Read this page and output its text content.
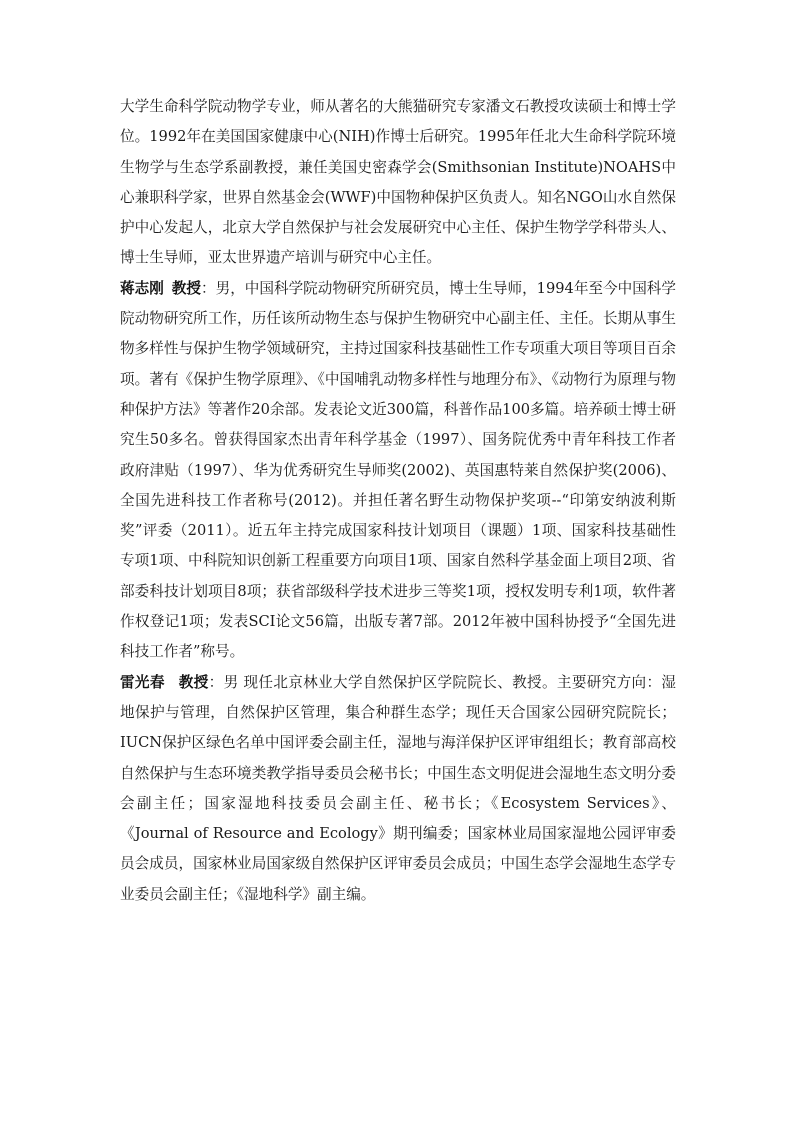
大学生命科学院动物学专业，师从著名的大熊猫研究专家潘文石教授攻读硕士和博士学位。1992年在美国国家健康中心(NIH)作博士后研究。1995年任北大生命科学院环境生物学与生态学系副教授，兼任美国史密森学会(Smithsonian Institute)NOAHS中心兼职科学家，世界自然基金会(WWF)中国物种保护区负责人。知名NGO山水自然保护中心发起人，北京大学自然保护与社会发展研究中心主任、保护生物学学科带头人、博士生导师，亚太世界遗产培训与研究中心主任。

蒋志刚 教授：男，中国科学院动物研究所研究员，博士生导师，1994年至今中国科学院动物研究所工作，历任该所动物生态与保护生物研究中心副主任、主任。长期从事生物多样性与保护生物学领域研究，主持过国家科技基础性工作专项重大项目等项目百余项。著有《保护生物学原理》、《中国哺乳动物多样性与地理分布》、《动物行为原理与物种保护方法》等著作20余部。发表论文近300篇，科普作品100多篇。培养硕士博士研究生50多名。曾获得国家杰出青年科学基金（1997）、国务院优秀中青年科技工作者政府津贴（1997）、华为优秀研究生导师奖(2002)、英国惠特莱自然保护奖(2006)、全国先进科技工作者称号(2012)。并担任著名野生动物保护奖项--“印第安纳波利斯奖”评委（2011）。近五年主持完成国家科技计划项目（课题）1项、国家科技基础性专项1项、中科院知识创新工程重要方向项目1项、国家自然科学基金面上项目2项、省部委科技计划项目8项；获省部级科学技术进步三等奖1项，授权发明专利1项，软件著作权登记1项；发表SCI论文56篇，出版专著7部。2012年被中国科协授予“全国先进科技工作者”称号。

雷光春 教授：男 现任北京林业大学自然保护区学院院长、教授。主要研究方向：湿地保护与管理，自然保护区管理，集合种群生态学；现任天合国家公园研究院院长；IUCN保护区绿色名单中国评委会副主任，湿地与海洋保护区评审组组长；教育部高校自然保护与生态环境类教学指导委员会秘书长；中国生态文明促进会湿地生态文明分委会副主任；国家湿地科技委员会副主任、秘书长；《Ecosystem Services》、《Journal of Resource and Ecology》期刊编委；国家林业局国家湿地公园评审委员会成员，国家林业局国家级自然保护区评审委员会成员；中国生态学会湿地生态学专业委员会副主任；《湿地科学》副主编。
